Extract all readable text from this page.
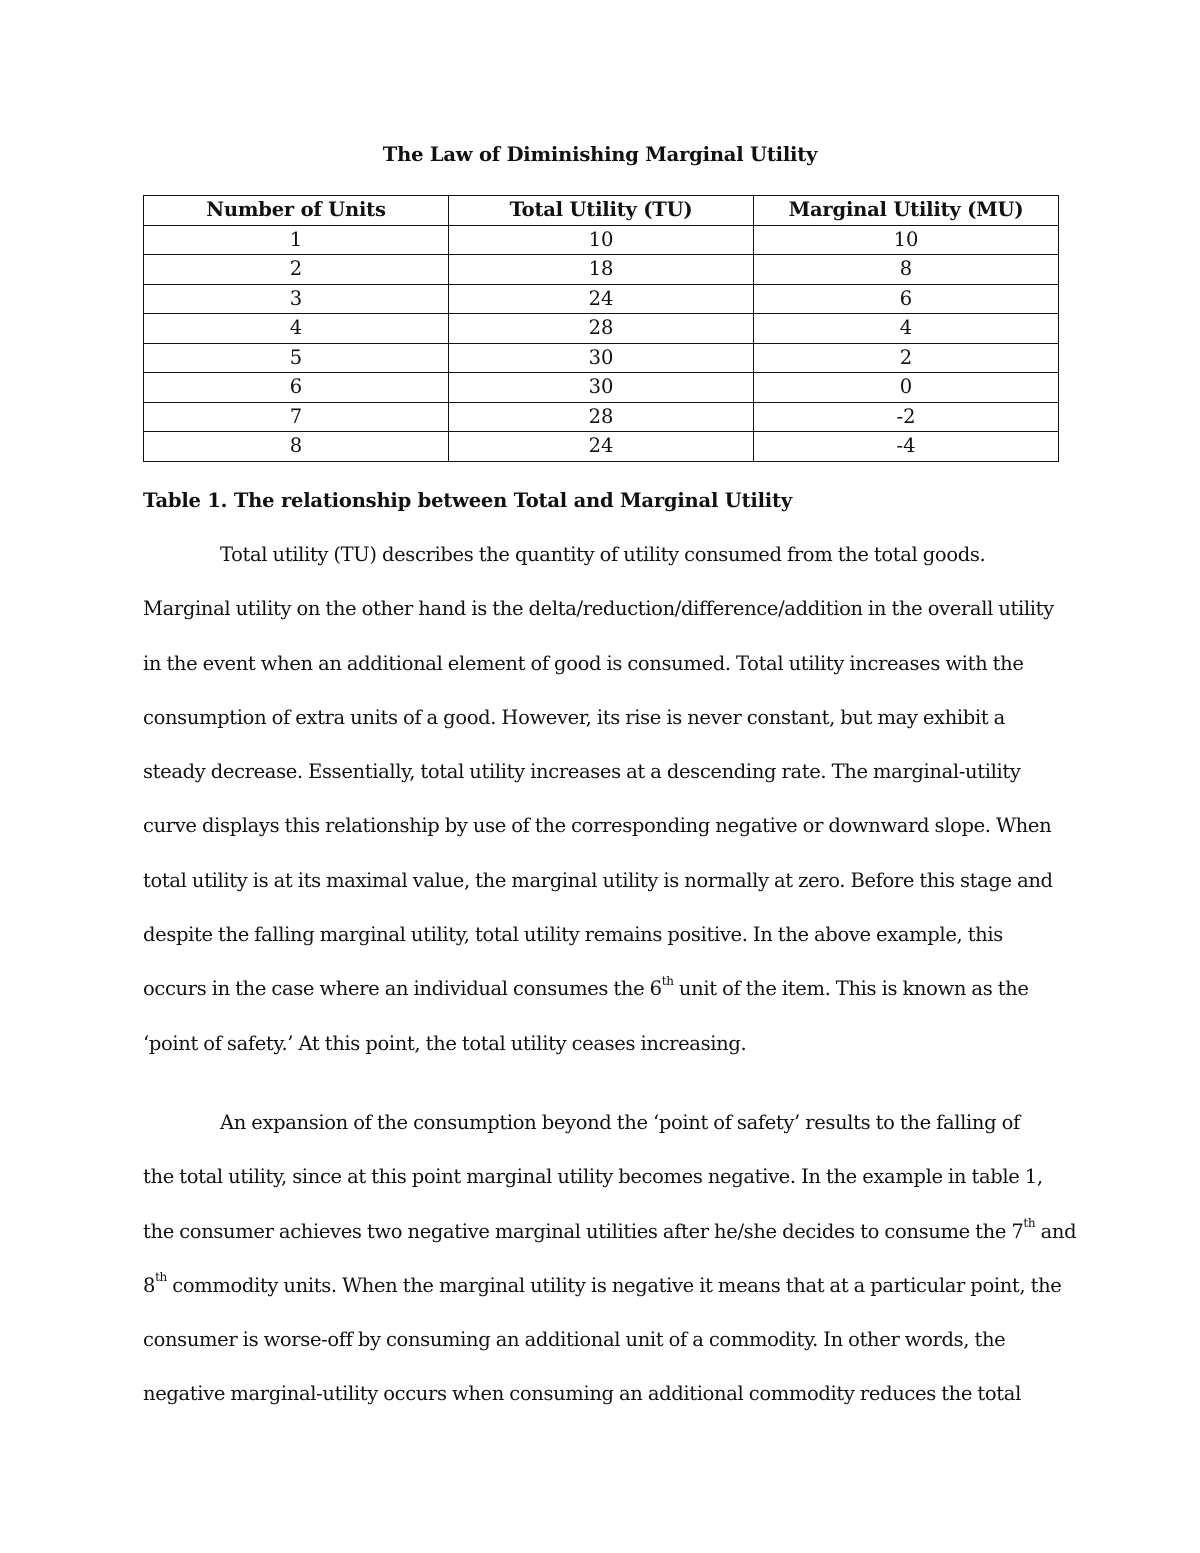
The Law of Diminishing Marginal Utility
Number of Units	Total Utility (TU)	Marginal Utility (MU)
1	10	10
2	18	8
3	24	6
4	28	4
5	30	2
6	30	0
7	28	-2
8	24	-4
Table 1. The relationship between Total and Marginal Utility

Total utility (TU) describes the quantity of utility consumed from the total goods.

Marginal utility on the other hand is the delta/reduction/difference/addition in the overall utility

in the event when an additional element of good is consumed. Total utility increases with the

consumption of extra units of a good. However, its rise is never constant, but may exhibit a

steady decrease. Essentially, total utility increases at a descending rate. The marginal-utility

curve displays this relationship by use of the corresponding negative or downward slope. When

total utility is at its maximal value, the marginal utility is normally at zero. Before this stage and

despite the falling marginal utility, total utility remains positive. In the above example, this

occurs in the case where an individual consumes the 6th unit of the item. This is known as the

‘point of safety.’ At this point, the total utility ceases increasing.

An expansion of the consumption beyond the ‘point of safety’ results to the falling of

the total utility, since at this point marginal utility becomes negative. In the example in table 1,

the consumer achieves two negative marginal utilities after he/she decides to consume the 7th and

8th commodity units. When the marginal utility is negative it means that at a particular point, the

consumer is worse-off by consuming an additional unit of a commodity. In other words, the

negative marginal-utility occurs when consuming an additional commodity reduces the total
